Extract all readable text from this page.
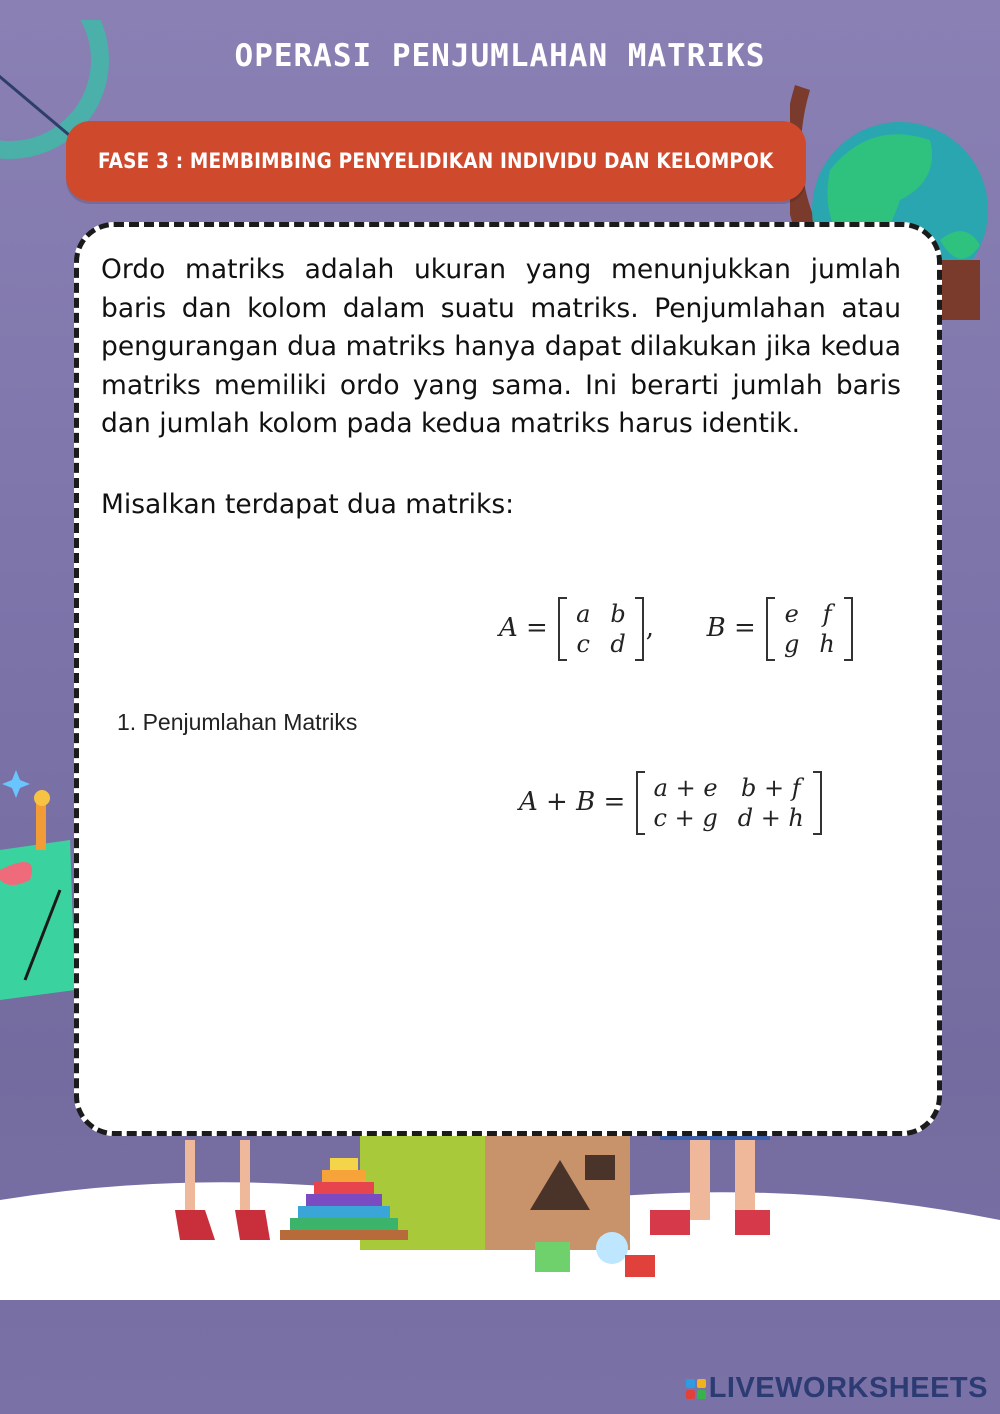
OPERASI PENJUMLAHAN MATRIKS
FASE 3 : MEMBIMBING PENYELIDIKAN INDIVIDU DAN KELOMPOK

Ordo matriks adalah ukuran yang menunjukkan jumlah baris dan kolom dalam suatu matriks. Penjumlahan atau pengurangan dua matriks hanya dapat dilakukan jika kedua matriks memiliki ordo yang sama. Ini berarti jumlah baris dan jumlah kolom pada kedua matriks harus identik.

Misalkan terdapat dua matriks:

A = a	b
c	d
, B = e	f
g	h

1. Penjumlahan Matriks

A + B = a + e	b + f
c + g	d + h
LIVEWORKSHEETS
